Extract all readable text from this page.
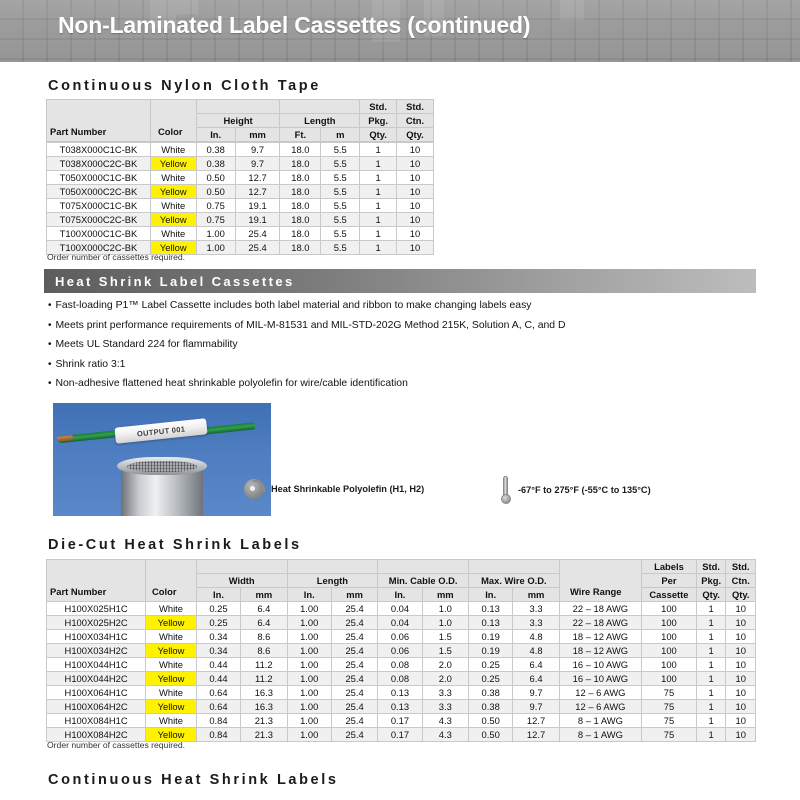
Non-Laminated Label Cassettes (continued)
Continuous Nylon Cloth Tape
				Std.	Std.
Height	Length	Pkg.	Ctn.
In.	mm	Ft.	m	Qty.	Qty.
T038X000C1C-BK	White	0.38	9.7	18.0	5.5	1	10
T038X000C2C-BK	Yellow	0.38	9.7	18.0	5.5	1	10
T050X000C1C-BK	White	0.50	12.7	18.0	5.5	1	10
T050X000C2C-BK	Yellow	0.50	12.7	18.0	5.5	1	10
T075X000C1C-BK	White	0.75	19.1	18.0	5.5	1	10
T075X000C2C-BK	Yellow	0.75	19.1	18.0	5.5	1	10
T100X000C1C-BK	White	1.00	25.4	18.0	5.5	1	10
T100X000C2C-BK	Yellow	1.00	25.4	18.0	5.5	1	10
Part Number	Color
Order number of cassettes required.
Heat Shrink Label Cassettes
• Fast-loading P1™ Label Cassette includes both label material and ribbon to make changing labels easy
• Meets print performance requirements of MIL-M-81531 and MIL-STD-202G Method 215K, Solution A, C, and D
• Meets UL Standard 224 for flammability
• Shrink ratio 3:1
• Non-adhesive flattened heat shrinkable polyolefin for wire/cable identification
OUTPUT 001
Heat Shrinkable Polyolefin (H1, H2)	-67°F to 275°F (-55°C to 135°C)
Die-Cut Heat Shrink Labels
											Labels	Std.	Std.
		Width		Length		Min. Cable O.D.		Max. Wire O.D.			Per	Pkg.	Ctn.
		In.	mm	In.	mm	In.	mm	In.	mm		Cassette	Qty.	Qty.
H100X025H1C	White	0.25	6.4	1.00	25.4	0.04	1.0	0.13	3.3	22 – 18 AWG	100	1	10
H100X025H2C	Yellow	0.25	6.4	1.00	25.4	0.04	1.0	0.13	3.3	22 – 18 AWG	100	1	10
H100X034H1C	White	0.34	8.6	1.00	25.4	0.06	1.5	0.19	4.8	18 – 12 AWG	100	1	10
H100X034H2C	Yellow	0.34	8.6	1.00	25.4	0.06	1.5	0.19	4.8	18 – 12 AWG	100	1	10
H100X044H1C	White	0.44	11.2	1.00	25.4	0.08	2.0	0.25	6.4	16 – 10 AWG	100	1	10
H100X044H2C	Yellow	0.44	11.2	1.00	25.4	0.08	2.0	0.25	6.4	16 – 10 AWG	100	1	10
H100X064H1C	White	0.64	16.3	1.00	25.4	0.13	3.3	0.38	9.7	12 – 6 AWG	75	1	10
H100X064H2C	Yellow	0.64	16.3	1.00	25.4	0.13	3.3	0.38	9.7	12 – 6 AWG	75	1	10
H100X084H1C	White	0.84	21.3	1.00	25.4	0.17	4.3	0.50	12.7	8 – 1 AWG	75	1	10
H100X084H2C	Yellow	0.84	21.3	1.00	25.4	0.17	4.3	0.50	12.7	8 – 1 AWG	75	1	10
Part Number	Color	Wire Range
Order number of cassettes required.
Continuous Heat Shrink Labels
